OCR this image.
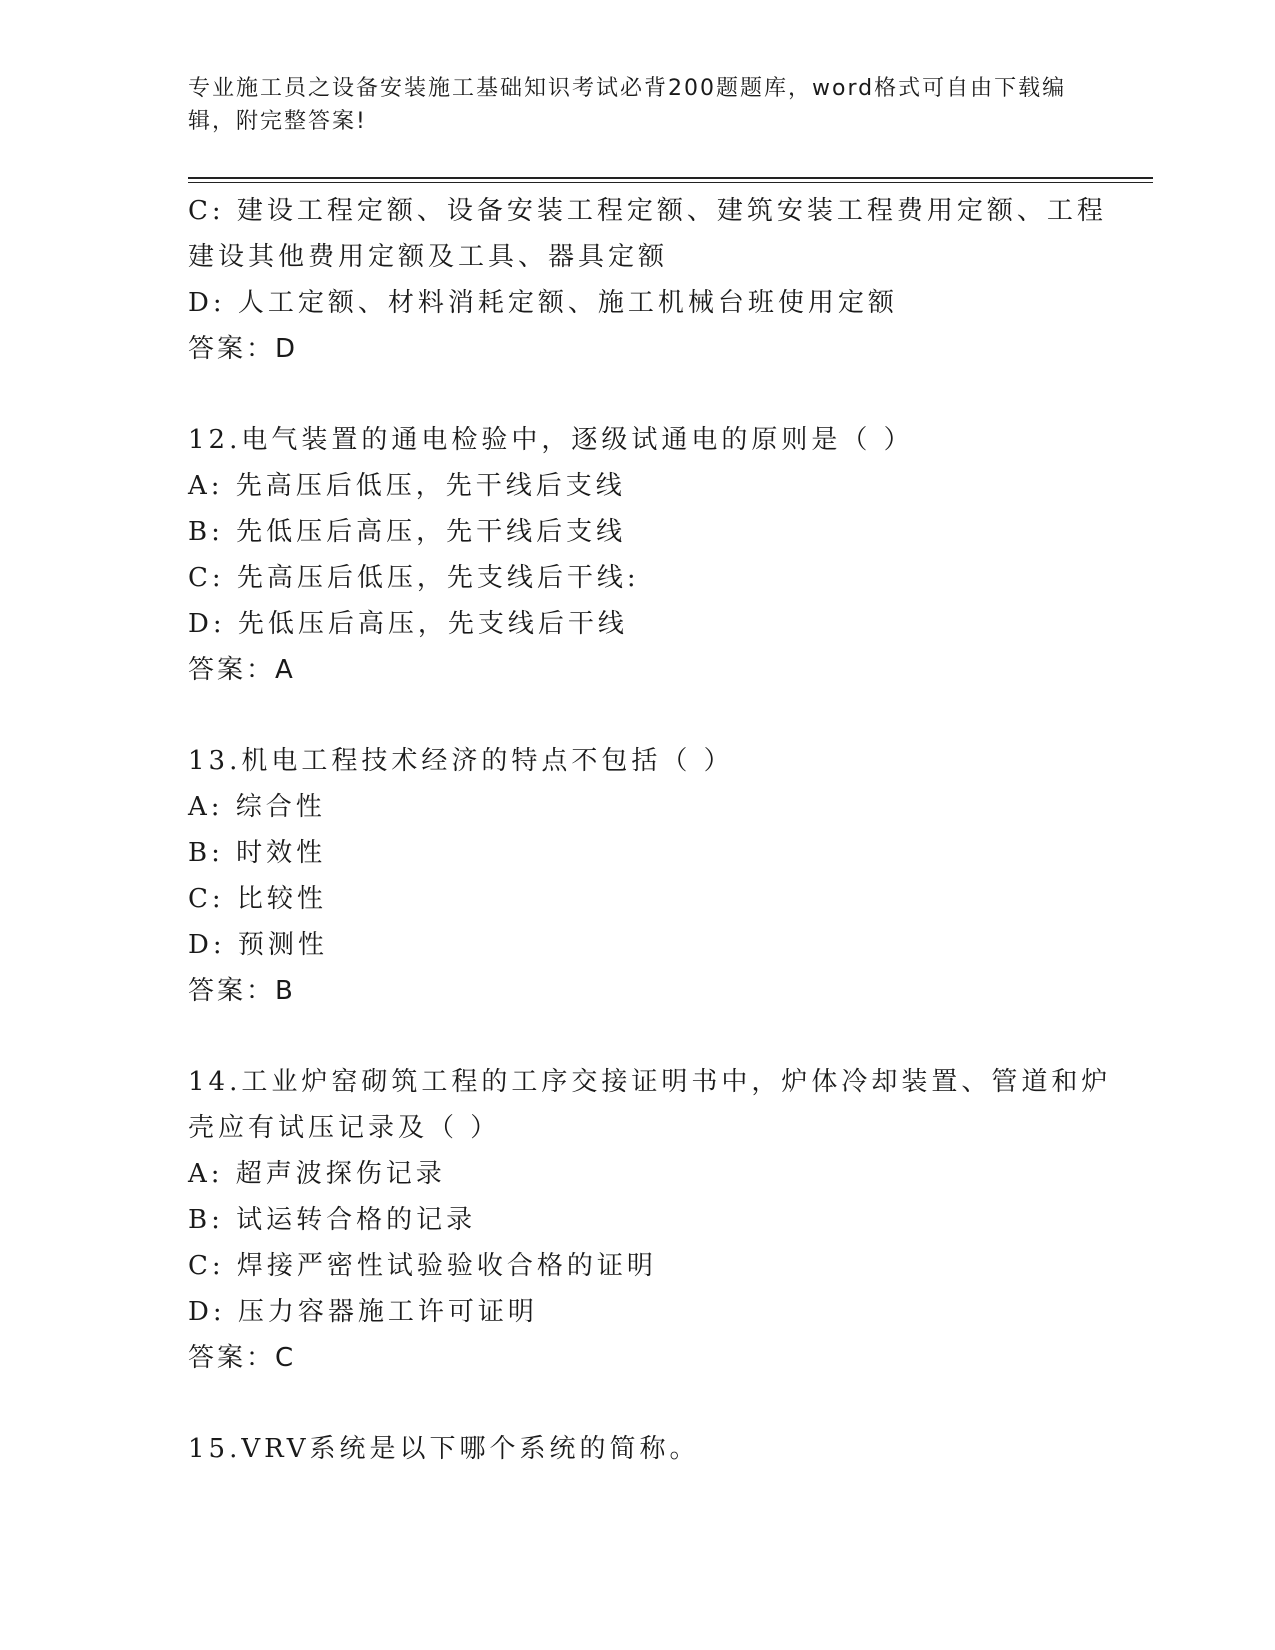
专业施工员之设备安装施工基础知识考试必背200题题库，word格式可自由下载编辑，附完整答案!
C: 建设工程定额、设备安装工程定额、建筑安装工程费用定额、工程
建设其他费用定额及工具、器具定额
D: 人工定额、材料消耗定额、施工机械台班使用定额
答案：D
12.电气装置的通电检验中，逐级试通电的原则是（ ）
A: 先高压后低压，先干线后支线
B: 先低压后高压，先干线后支线
C: 先高压后低压，先支线后干线:
D: 先低压后高压，先支线后干线
答案：A
13.机电工程技术经济的特点不包括（ ）
A: 综合性
B: 时效性
C: 比较性
D: 预测性
答案：B
14.工业炉窑砌筑工程的工序交接证明书中，炉体冷却装置、管道和炉
壳应有试压记录及（ ）
A: 超声波探伤记录
B: 试运转合格的记录
C: 焊接严密性试验验收合格的证明
D: 压力容器施工许可证明
答案：C
15.VRV系统是以下哪个系统的简称。
